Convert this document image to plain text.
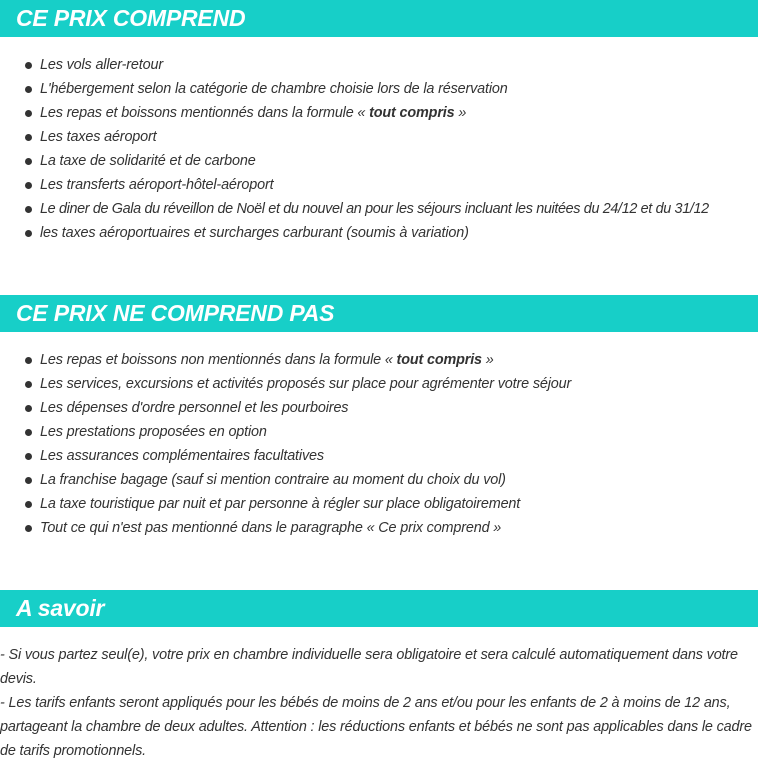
CE PRIX COMPREND
Les vols aller-retour
L'hébergement selon la catégorie de chambre choisie lors de la réservation
Les repas et boissons mentionnés dans la formule « tout compris »
Les taxes aéroport
La taxe de solidarité et de carbone
Les transferts aéroport-hôtel-aéroport
Le diner de Gala du réveillon de Noël et du nouvel an pour les séjours incluant les nuitées du 24/12 et du 31/12
les taxes aéroportuaires et surcharges carburant (soumis à variation)
CE PRIX NE COMPREND PAS
Les repas et boissons non mentionnés dans la formule « tout compris »
Les services, excursions et activités proposés sur place pour agrémenter votre séjour
Les dépenses d'ordre personnel et les pourboires
Les prestations proposées en option
Les assurances complémentaires facultatives
La franchise bagage (sauf si mention contraire au moment du choix du vol)
La taxe touristique par nuit et par personne à régler sur place obligatoirement
Tout ce qui n'est pas mentionné dans le paragraphe « Ce prix comprend »
A savoir

- Si vous partez seul(e), votre prix en chambre individuelle sera obligatoire et sera calculé automatiquement dans votre devis.

- Les tarifs enfants seront appliqués pour les bébés de moins de 2 ans et/ou pour les enfants de 2 à moins de 12 ans, partageant la chambre de deux adultes. Attention : les réductions enfants et bébés ne sont pas applicables dans le cadre de tarifs promotionnels.
